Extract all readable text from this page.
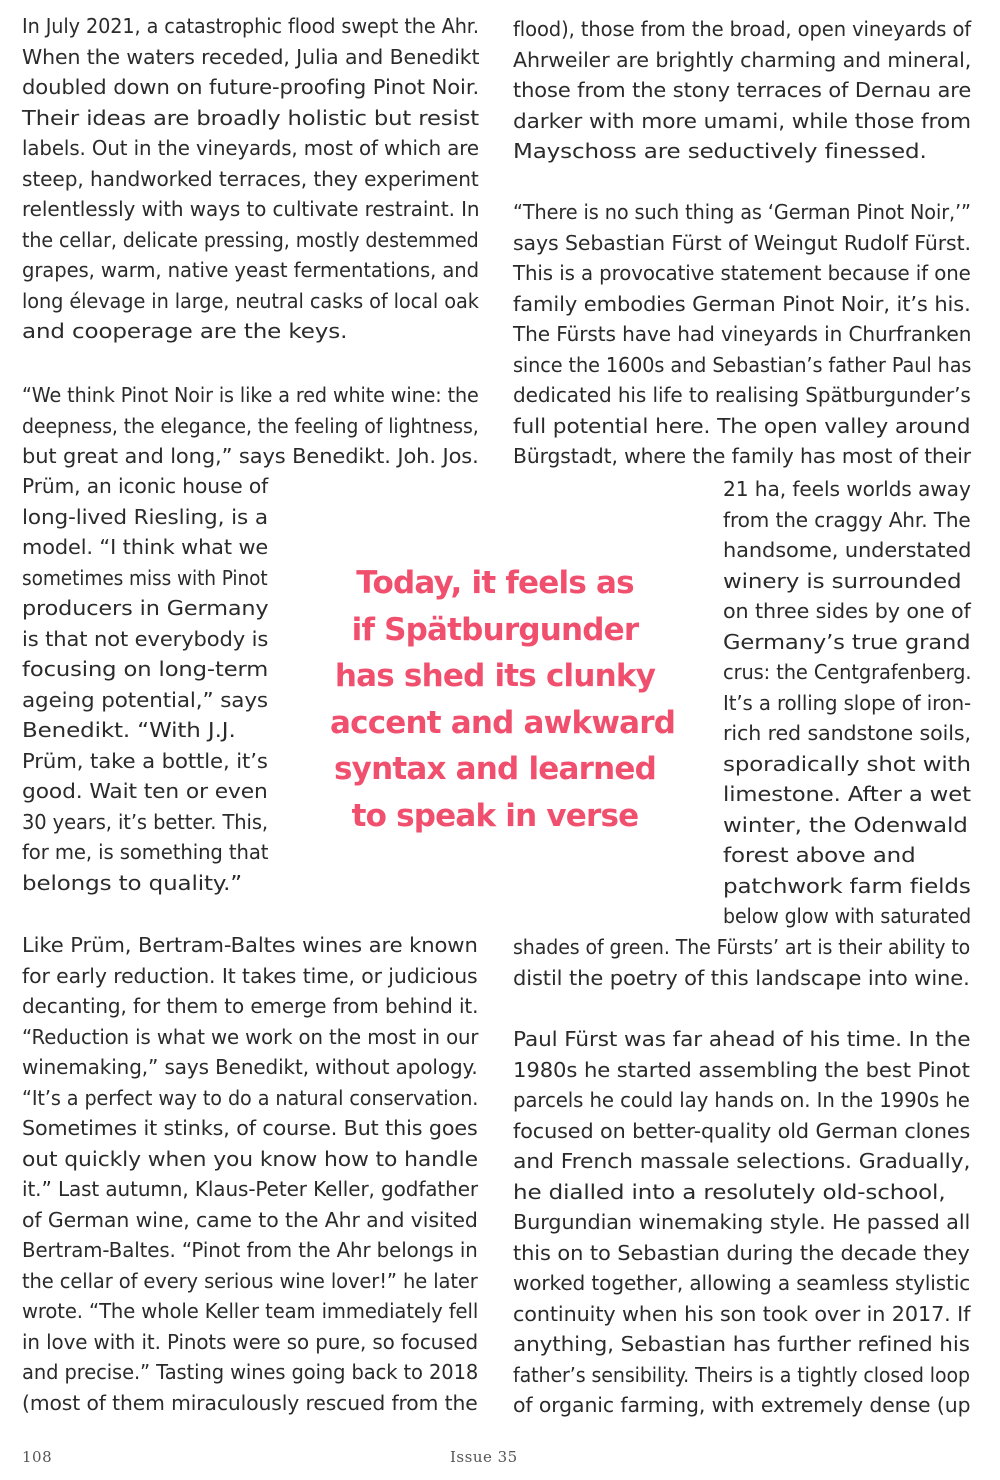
In July 2021, a catastrophic flood swept the Ahr.
When the waters receded, Julia and Benedikt
doubled down on future-proofing Pinot Noir.
Their ideas are broadly holistic but resist
labels. Out in the vineyards, most of which are
steep, handworked terraces, they experiment
relentlessly with ways to cultivate restraint. In
the cellar, delicate pressing, mostly destemmed
grapes, warm, native yeast fermentations, and
long élevage in large, neutral casks of local oak
and cooperage are the keys.
“We think Pinot Noir is like a red white wine: the
deepness, the elegance, the feeling of lightness,
but great and long,” says Benedikt. Joh. Jos.
Prüm, an iconic house of
long-lived Riesling, is a
model. “I think what we
sometimes miss with Pinot
producers in Germany
is that not everybody is
focusing on long-term
ageing potential,” says
Benedikt. “With J.J.
Prüm, take a bottle, it’s
good. Wait ten or even
30 years, it’s better. This,
for me, is something that
belongs to quality.”
Like Prüm, Bertram-Baltes wines are known
for early reduction. It takes time, or judicious
decanting, for them to emerge from behind it.
“Reduction is what we work on the most in our
winemaking,” says Benedikt, without apology.
“It’s a perfect way to do a natural conservation.
Sometimes it stinks, of course. But this goes
out quickly when you know how to handle
it.” Last autumn, Klaus-Peter Keller, godfather
of German wine, came to the Ahr and visited
Bertram-Baltes. “Pinot from the Ahr belongs in
the cellar of every serious wine lover!” he later
wrote. “The whole Keller team immediately fell
in love with it. Pinots were so pure, so focused
and precise.” Tasting wines going back to 2018
(most of them miraculously rescued from the
flood), those from the broad, open vineyards of
Ahrweiler are brightly charming and mineral,
those from the stony terraces of Dernau are
darker with more umami, while those from
Mayschoss are seductively finessed.
“There is no such thing as ‘German Pinot Noir,’”
says Sebastian Fürst of Weingut Rudolf Fürst.
This is a provocative statement because if one
family embodies German Pinot Noir, it’s his.
The Fürsts have had vineyards in Churfranken
since the 1600s and Sebastian’s father Paul has
dedicated his life to realising Spätburgunder’s
full potential here. The open valley around
Bürgstadt, where the family has most of their
21 ha, feels worlds away
from the craggy Ahr. The
handsome, understated
winery is surrounded
on three sides by one of
Germany’s true grand
crus: the Centgrafenberg.
It’s a rolling slope of iron-
rich red sandstone soils,
sporadically shot with
limestone. After a wet
winter, the Odenwald
forest above and
patchwork farm fields
below glow with saturated
shades of green. The Fürsts’ art is their ability to
distil the poetry of this landscape into wine.
Paul Fürst was far ahead of his time. In the
1980s he started assembling the best Pinot
parcels he could lay hands on. In the 1990s he
focused on better-quality old German clones
and French massale selections. Gradually,
he dialled into a resolutely old-school,
Burgundian winemaking style. He passed all
this on to Sebastian during the decade they
worked together, allowing a seamless stylistic
continuity when his son took over in 2017. If
anything, Sebastian has further refined his
father’s sensibility. Theirs is a tightly closed loop
of organic farming, with extremely dense (up
Today, it feels as
if Spätburgunder
has shed its clunky
accent and awkward
syntax and learned
to speak in verse
108	Issue 35
